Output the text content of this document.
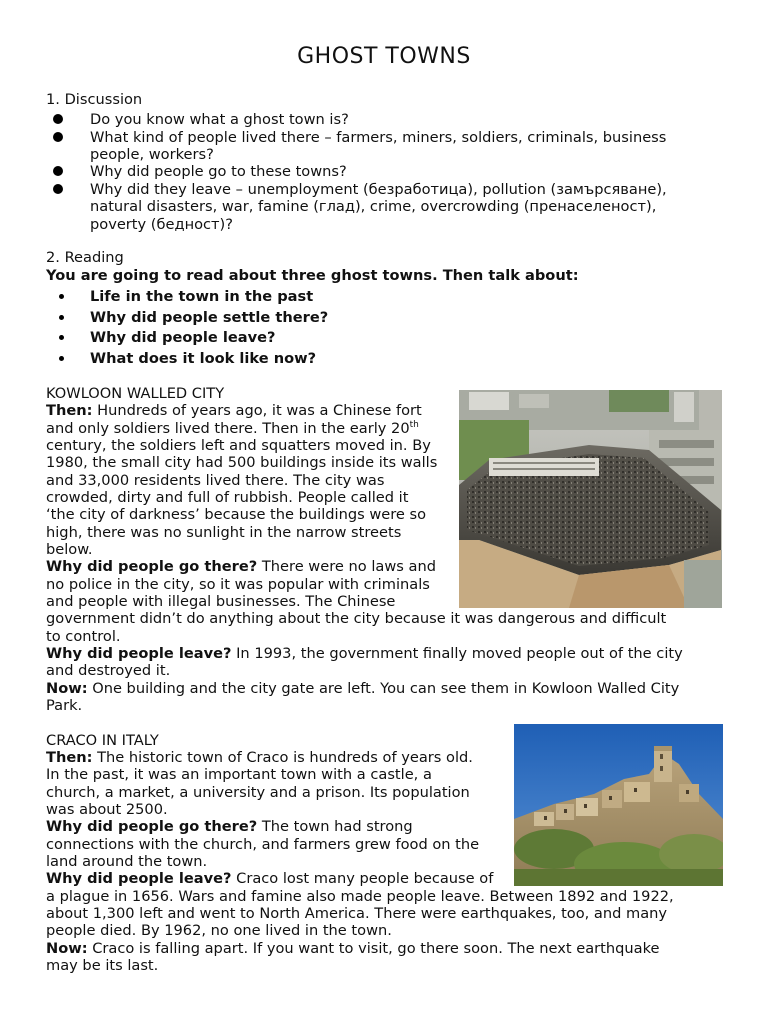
GHOST TOWNS
1. Discussion
Do you know what a ghost town is?
What kind of people lived there – farmers, miners, soldiers, criminals, business
people, workers?
Why did people go to these towns?
Why did they leave – unemployment (безработица), pollution (замърсяване),
natural disasters, war, famine (глад), crime, overcrowding (пренаселеност),
poverty (бедност)?
2. Reading
You are going to read about three ghost towns. Then talk about:
Life in the town in the past
Why did people settle there?
Why did people leave?
What does it look like now?
KOWLOON WALLED CITY
Then: Hundreds of years ago, it was a Chinese fort
and only soldiers lived there. Then in the early 20th
century, the soldiers left and squatters moved in. By
1980, the small city had 500 buildings inside its walls
and 33,000 residents lived there. The city was
crowded, dirty and full of rubbish. People called it
‘the city of darkness’ because the buildings were so
high, there was no sunlight in the narrow streets
below.
Why did people go there? There were no laws and
no police in the city, so it was popular with criminals
and people with illegal businesses. The Chinese
government didn’t do anything about the city because it was dangerous and difficult
to control.
Why did people leave? In 1993, the government finally moved people out of the city
and destroyed it.
Now: One building and the city gate are left. You can see them in Kowloon Walled City
Park.
CRACO IN ITALY
Then: The historic town of Craco is hundreds of years old.
In the past, it was an important town with a castle, a
church, a market, a university and a prison. Its population
was about 2500.
Why did people go there? The town had strong
connections with the church, and farmers grew food on the
land around the town.
Why did people leave? Craco lost many people because of
a plague in 1656. Wars and famine also made people leave. Between 1892 and 1922,
about 1,300 left and went to North America. There were earthquakes, too, and many
people died. By 1962, no one lived in the town.
Now: Craco is falling apart. If you want to visit, go there soon. The next earthquake
may be its last.
